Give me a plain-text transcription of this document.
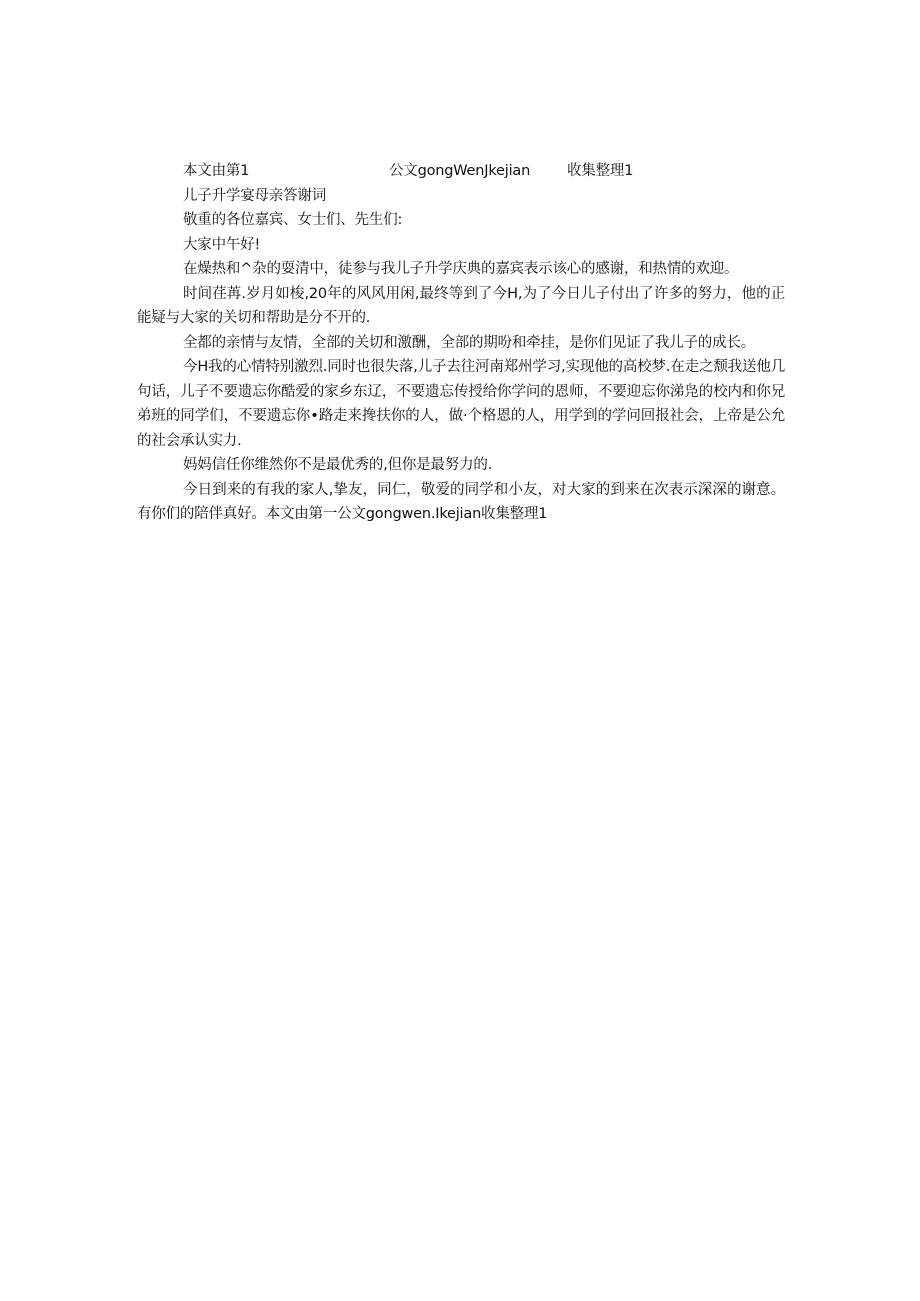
本文由第1	公文gongWenJkejian	收集整理1

儿子升学宴母亲答谢词

敬重的各位嘉宾、女士们、先生们:

大家中午好!

在燥热和^杂的耍清中，徒参与我儿子升学庆典的嘉宾表示该心的感谢，和热情的欢迎。

时间荏苒.岁月如梭,20年的风风用闲,最终等到了今H,为了今日儿子付出了许多的努力，他的正能疑与大家的关切和帮助是分不开的.

全都的亲情与友情，全部的关切和激酬，全部的期吩和牵挂，是你们见证了我儿子的成长。

今H我的心情特别激烈.同时也很失落,儿子去往河南郑州学习,实现他的高校梦.在走之颓我送他几句话，儿子不要遗忘你酷爱的家乡东辽，不要遗忘传授给你学问的恩师，不要迎忘你涕凫的校内和你兄弟班的同学们，不要遗忘你•路走来搀扶你的人，做·个格恩的人，用学到的学问回报社会，上帝是公允的社会承认实力.

妈妈信任你维然你不是最优秀的,但你是最努力的.

今日到来的有我的家人,挚友，同仁，敬爱的同学和小友，对大家的到来在次表示深深的谢意。有你们的陪伴真好。本文由第一公文gongwen.Ikejian收集整理1
